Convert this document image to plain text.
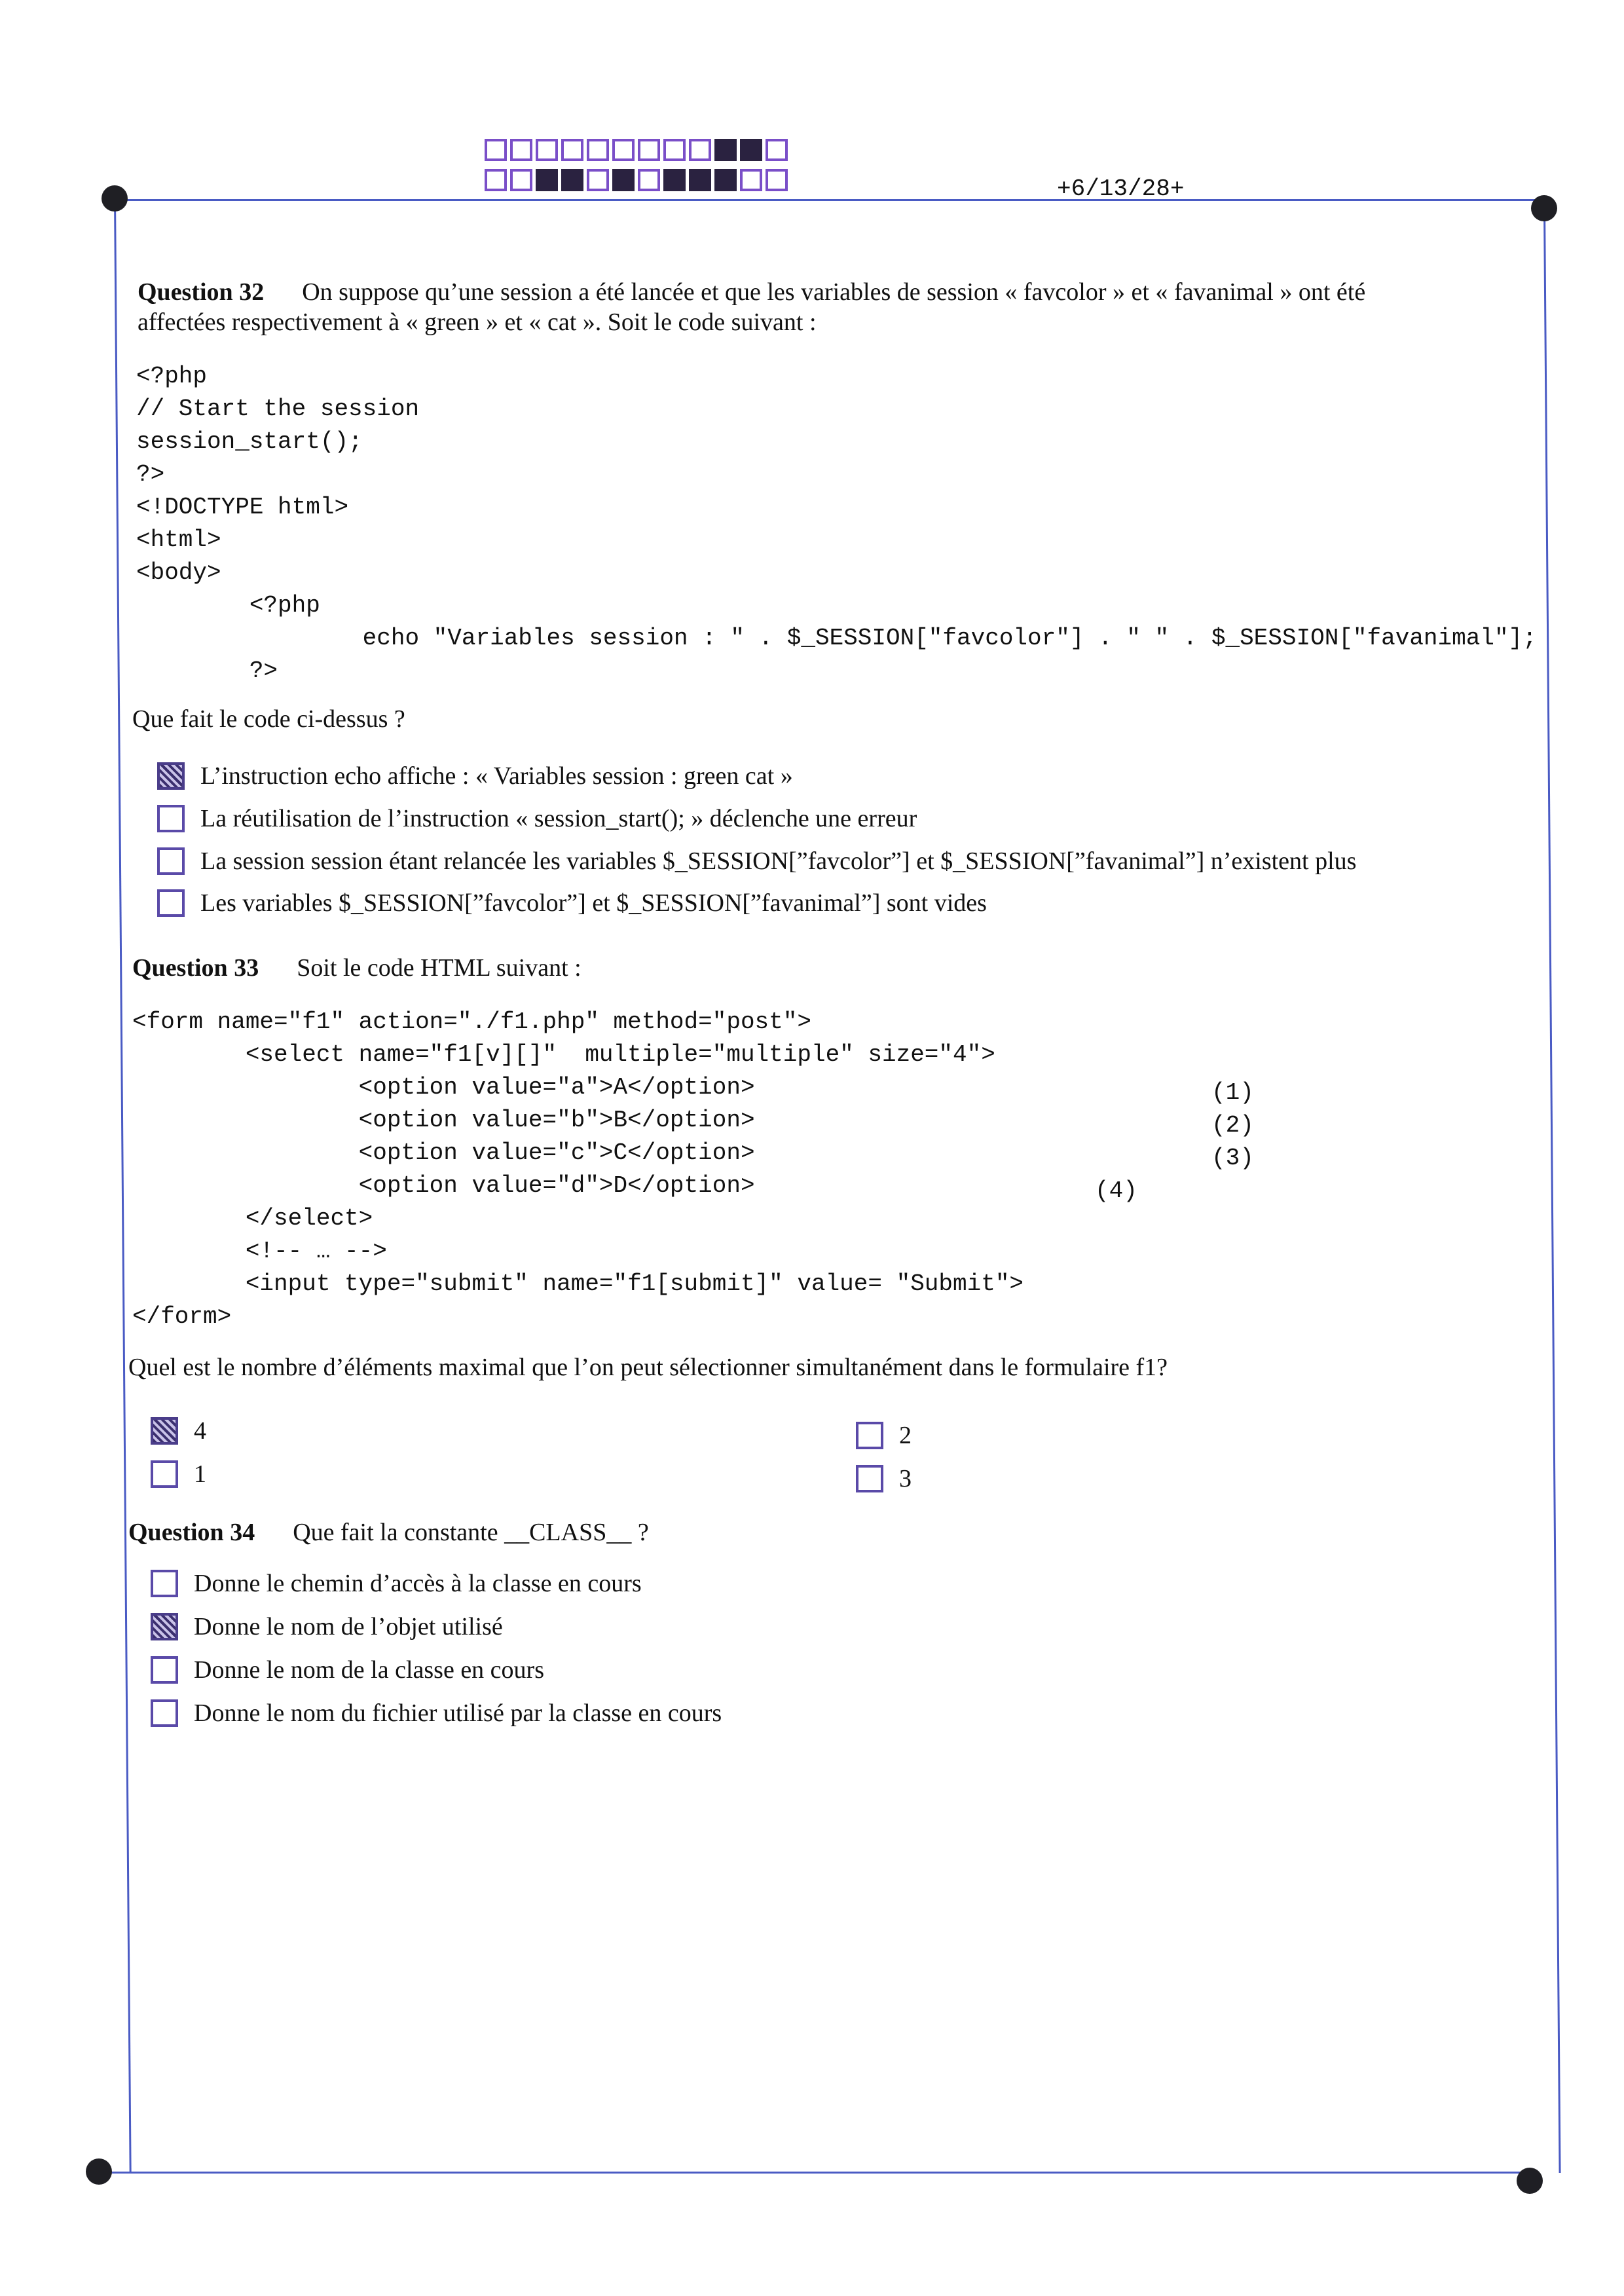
+6/13/28+
Question 32 On suppose qu’une session a été lancée et que les variables de session « favcolor » et « favanimal » ont été
affectées respectivement à « green » et « cat ». Soit le code suivant :
<?php
// Start the session
session_start();
?>
<!DOCTYPE html>
<html>
<body>
<?php
echo "Variables session : " . $_SESSION["favcolor"] . " " . $_SESSION["favanimal"];
?>
Que fait le code ci-dessus ?
L’instruction echo affiche : « Variables session : green cat »
La réutilisation de l’instruction « session_start(); » déclenche une erreur
La session session étant relancée les variables $_SESSION[”favcolor”] et $_SESSION[”favanimal”] n’existent plus
Les variables $_SESSION[”favcolor”] et $_SESSION[”favanimal”] sont vides
Question 33 Soit le code HTML suivant :
<form name="f1" action="./f1.php" method="post">
<select name="f1[v][]"  multiple="multiple" size="4">
<option value="a">A</option>
<option value="b">B</option>
<option value="c">C</option>
<option value="d">D</option>
</select>
<!-- … -->
<input type="submit" name="f1[submit]" value= "Submit">
</form>
(1)
(2)
(3)
(4)
Quel est le nombre d’éléments maximal que l’on peut sélectionner simultanément dans le formulaire f1?
4
1
2
3
Question 34 Que fait la constante __CLASS__ ?
Donne le chemin d’accès à la classe en cours
Donne le nom de l’objet utilisé
Donne le nom de la classe en cours
Donne le nom du fichier utilisé par la classe en cours
